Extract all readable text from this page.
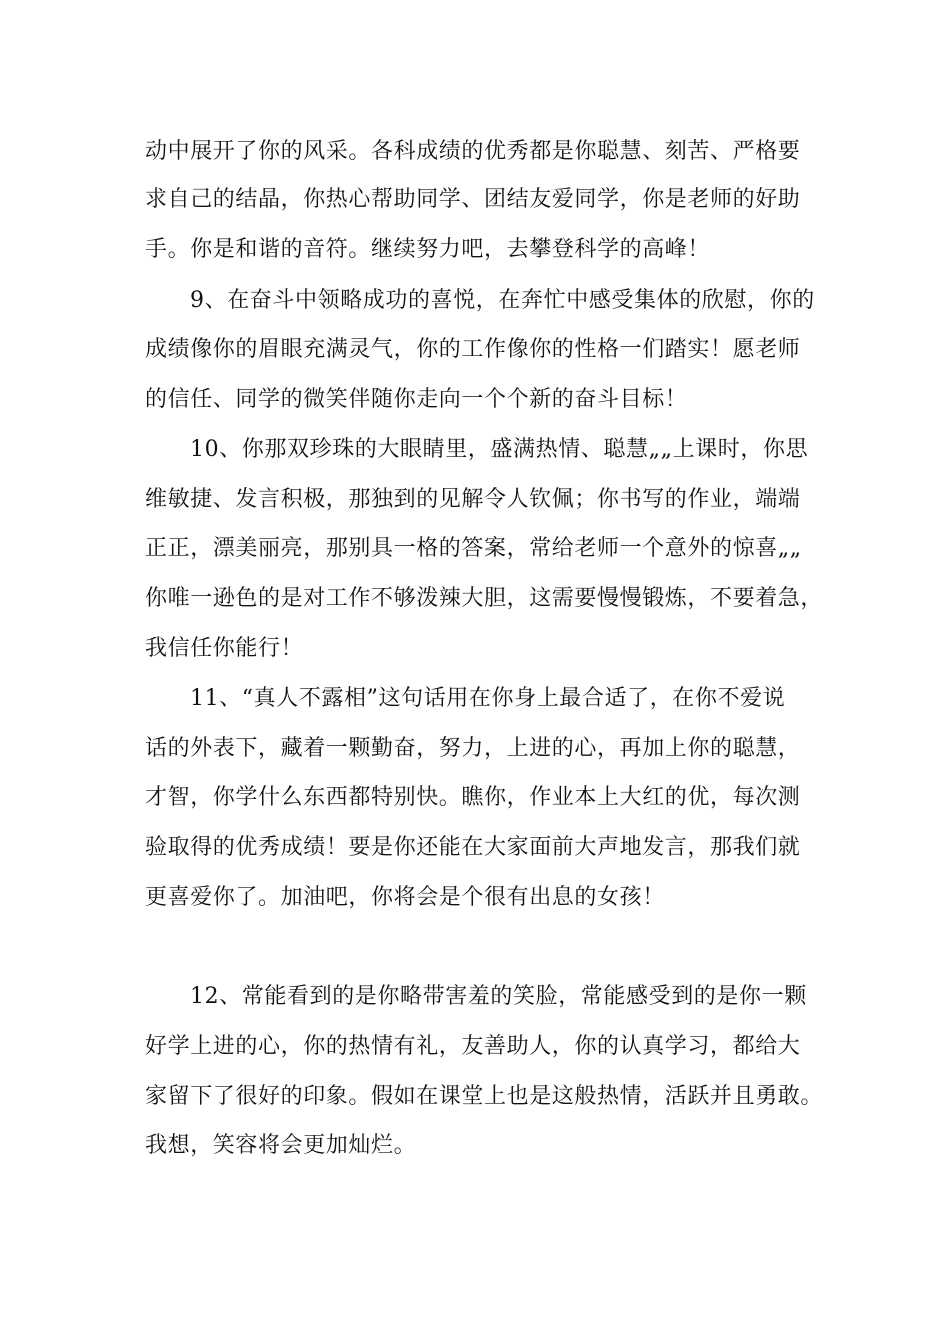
动中展开了你的风采。各科成绩的优秀都是你聪慧、刻苦、严格要
求自己的结晶，你热心帮助同学、团结友爱同学，你是老师的好助
手。你是和谐的音符。继续努力吧，去攀登科学的高峰！
9、在奋斗中领略成功的喜悦，在奔忙中感受集体的欣慰，你的
成绩像你的眉眼充满灵气，你的工作像你的性格一们踏实！愿老师
的信任、同学的微笑伴随你走向一个个新的奋斗目标！
10、你那双珍珠的大眼睛里，盛满热情、聪慧„„上课时，你思
维敏捷、发言积极，那独到的见解令人钦佩；你书写的作业，端端
正正，漂美丽亮，那别具一格的答案，常给老师一个意外的惊喜„„
你唯一逊色的是对工作不够泼辣大胆，这需要慢慢锻炼，不要着急，
我信任你能行！
11、“真人不露相”这句话用在你身上最合适了，在你不爱说
话的外表下，藏着一颗勤奋，努力，上进的心，再加上你的聪慧，
才智，你学什么东西都特别快。瞧你，作业本上大红的优，每次测
验取得的优秀成绩！要是你还能在大家面前大声地发言，那我们就
更喜爱你了。加油吧，你将会是个很有出息的女孩！
12、常能看到的是你略带害羞的笑脸，常能感受到的是你一颗
好学上进的心，你的热情有礼，友善助人，你的认真学习，都给大
家留下了很好的印象。假如在课堂上也是这般热情，活跃并且勇敢。
我想，笑容将会更加灿烂。
